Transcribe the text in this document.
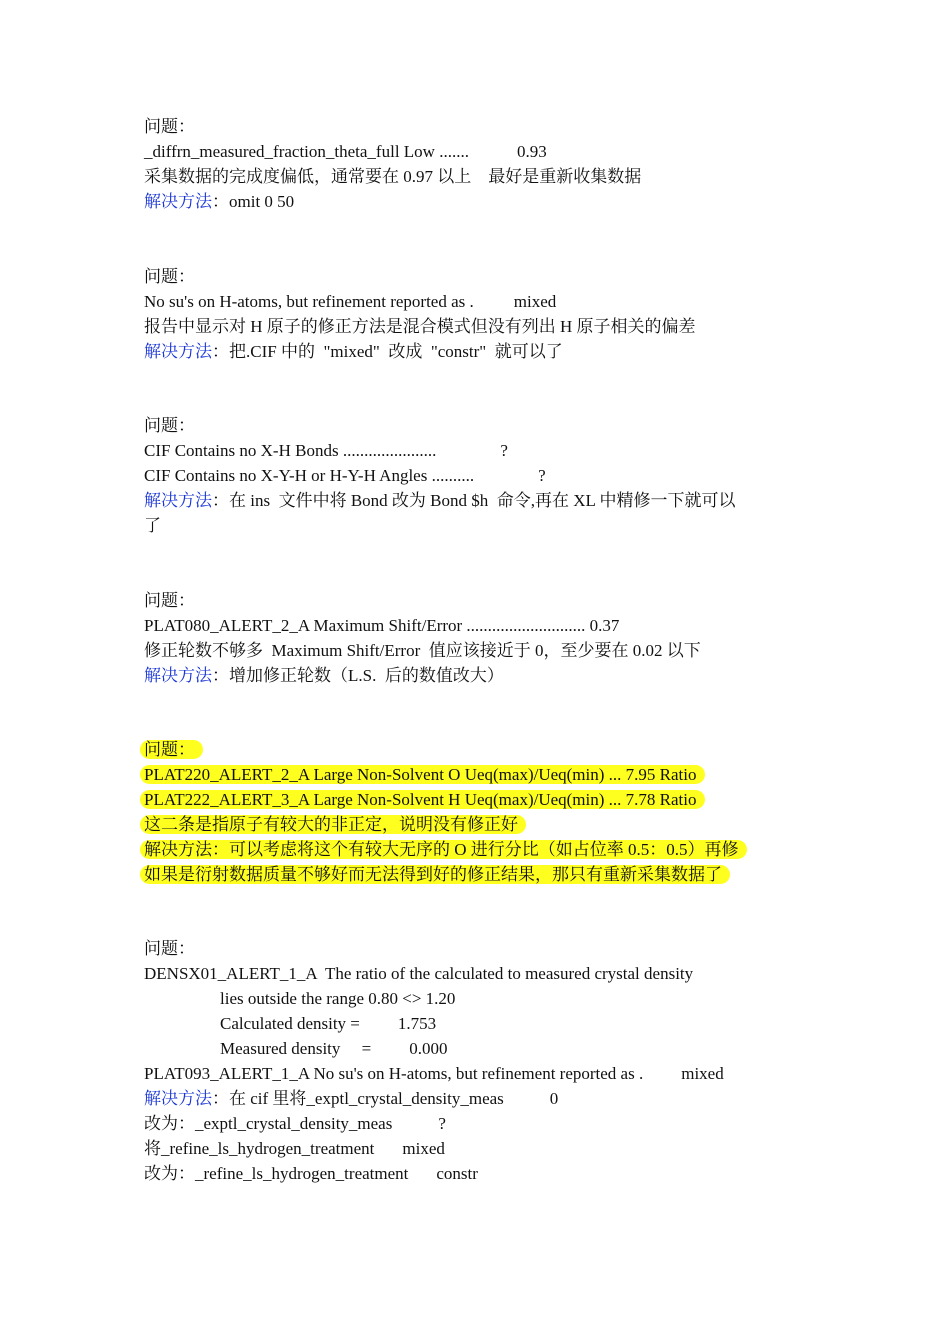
问题：
_diffrn_measured_fraction_theta_full Low .......	0.93
采集数据的完成度偏低，通常要在 0.97 以上    最好是重新收集数据
解决方法：omit 0 50
问题：
No su's on H-atoms, but refinement reported as . mixed
报告中显示对 H 原子的修正方法是混合模式但没有列出 H 原子相关的偏差
解决方法：把.CIF 中的  "mixed"  改成  "constr"  就可以了
问题：
CIF Contains no X-H Bonds ......................	?
CIF Contains no X-Y-H or H-Y-H Angles ..........	?
解决方法：在 ins  文件中将 Bond 改为 Bond $h  命令,再在 XL 中精修一下就可以
了
问题：
PLAT080_ALERT_2_A Maximum Shift/Error ............................ 0.37
修正轮数不够多  Maximum Shift/Error  值应该接近于 0，至少要在 0.02 以下
解决方法：增加修正轮数（L.S.  后的数值改大）
问题：
PLAT220_ALERT_2_A Large Non-Solvent O Ueq(max)/Ueq(min) ... 7.95 Ratio
PLAT222_ALERT_3_A Large Non-Solvent H Ueq(max)/Ueq(min) ... 7.78 Ratio
这二条是指原子有较大的非正定，说明没有修正好
解决方法：可以考虑将这个有较大无序的 O 进行分比（如占位率 0.5：0.5）再修
如果是衍射数据质量不够好而无法得到好的修正结果，那只有重新采集数据了
问题：
DENSX01_ALERT_1_A  The ratio of the calculated to measured crystal density
lies outside the range 0.80 <> 1.20
Calculated density = 1.753
Measured density     = 0.000
PLAT093_ALERT_1_A No su's on H-atoms, but refinement reported as . mixed
解决方法：在 cif 里将_exptl_crystal_density_meas	0
改为：_exptl_crystal_density_meas	?
将_refine_ls_hydrogen_treatment mixed
改为：_refine_ls_hydrogen_treatment constr
